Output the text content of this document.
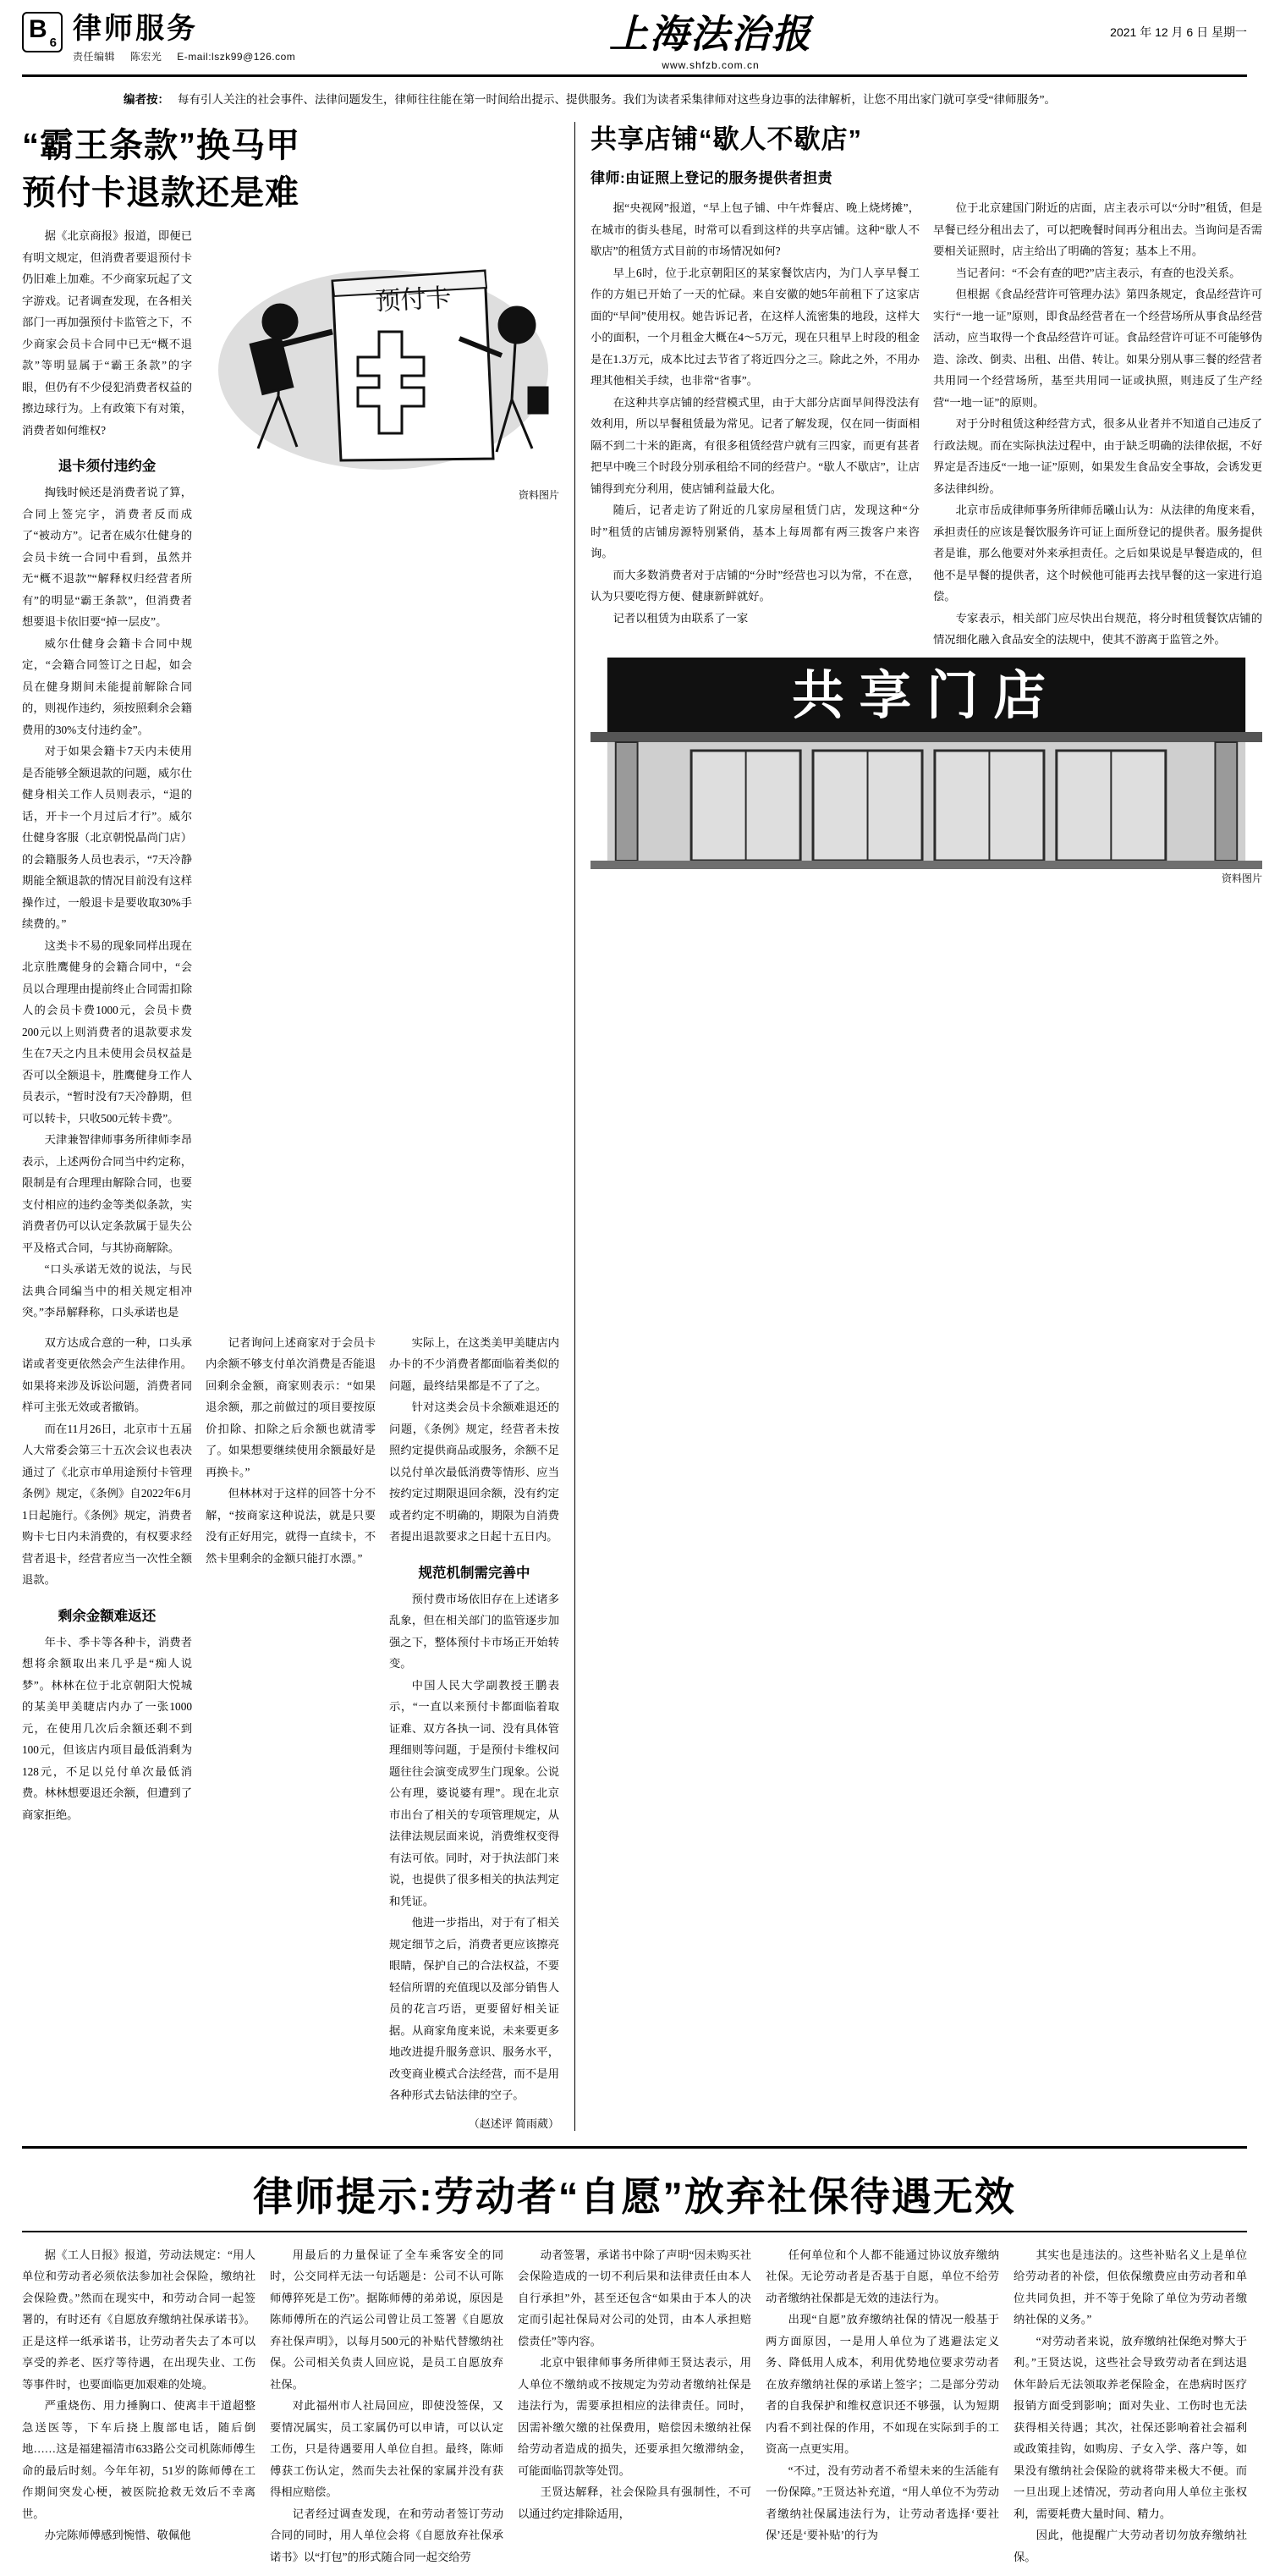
B 6 律师服务
责任编辑 陈宏光 E-mail:lszk99@126.com
上海法治报
www.shfzb.com.cn
2021 年 12 月 6 日 星期一
编者按： 每有引人关注的社会事件、法律问题发生，律师往往能在第一时间给出提示、提供服务。我们为读者采集律师对这些身边事的法律解析，让您不用出家门就可享受“律师服务”。
“霸王条款”换马甲
预付卡退款还是难

据《北京商报》报道，即便已有明文规定，但消费者要退预付卡仍旧难上加难。不少商家玩起了文字游戏。记者调查发现，在各相关部门一再加强预付卡监管之下，不少商家会员卡合同中已无“概不退款”等明显属于“霸王条款”的字眼，但仍有不少侵犯消费者权益的擦边球行为。上有政策下有对策，消费者如何维权?

退卡须付违约金

掏钱时候还是消费者说了算，合同上签完字，消费者反而成了“被动方”。记者在威尔仕健身的会员卡统一合同中看到，虽然并无“概不退款”“解释权归经营者所有”的明显“霸王条款”，但消费者想要退卡依旧要“掉一层皮”。

威尔仕健身会籍卡合同中规定，“会籍合同签订之日起，如会员在健身期间未能提前解除合同的，则视作违约，须按照剩余会籍费用的30%支付违约金”。

对于如果会籍卡7天内未使用是否能够全额退款的问题，威尔仕健身相关工作人员则表示，“退的话，开卡一个月过后才行”。威尔仕健身客服（北京朝悦晶尚门店）的会籍服务人员也表示，“7天冷静期能全额退款的情况目前没有这样操作过，一般退卡是要收取30%手续费的。”

这类卡不易的现象同样出现在北京胜鹰健身的会籍合同中，“会员以合理理由提前终止合同需扣除人的会员卡费1000元，会员卡费200元以上则消费者的退款要求发生在7天之内且未使用会员权益是否可以全额退卡，胜鹰健身工作人员表示，“暂时没有7天冷静期，但可以转卡，只收500元转卡费”。

天津兼智律师事务所律师李昂表示，上述两份合同当中约定称，限制是有合理理由解除合同，也要支付相应的违约金等类似条款，实消费者仍可以认定条款属于显失公平及格式合同，与其协商解除。

“口头承诺无效的说法，与民法典合同编当中的相关规定相冲突。”李昂解释称，口头承诺也是

预付卡
资料图片

双方达成合意的一种，口头承诺或者变更依然会产生法律作用。如果将来涉及诉讼问题，消费者同样可主张无效或者撤销。

而在11月26日，北京市十五届人大常委会第三十五次会议也表决通过了《北京市单用途预付卡管理条例》规定，《条例》自2022年6月1日起施行。《条例》规定，消费者购卡七日内未消费的，有权要求经营者退卡，经营者应当一次性全额退款。

剩余金额难返还

年卡、季卡等各种卡，消费者想将余额取出来几乎是“痴人说梦”。林林在位于北京朝阳大悦城的某美甲美睫店内办了一张1000元，在使用几次后余额还剩不到100元，但该店内项目最低消剩为128元，不足以兑付单次最低消费。林林想要退还余额，但遭到了商家拒绝。

记者询问上述商家对于会员卡内余额不够支付单次消费是否能退回剩余金额，商家则表示：“如果退余额，那之前做过的项目要按原价扣除、扣除之后余额也就清零了。如果想要继续使用余额最好是再换卡。”

但林林对于这样的回答十分不解，“按商家这种说法，就是只要没有正好用完，就得一直续卡，不然卡里剩余的金额只能打水漂。”

实际上，在这类美甲美睫店内办卡的不少消费者都面临着类似的问题，最终结果都是不了了之。

针对这类会员卡余额难退还的问题，《条例》规定，经营者未按照约定提供商品或服务，余额不足以兑付单次最低消费等情形、应当按约定过期限退回余额，没有约定或者约定不明确的，期限为自消费者提出退款要求之日起十五日内。

规范机制需完善中

预付费市场依旧存在上述诸多乱象，但在相关部门的监管逐步加强之下，整体预付卡市场正开始转变。

中国人民大学副教授王鹏表示，“一直以来预付卡都面临着取证难、双方各执一词、没有具体管理细则等问题，于是预付卡维权问题往往会演变成罗生门现象。公说公有理，婆说婆有理”。现在北京市出台了相关的专项管理规定，从法律法规层面来说，消费维权变得有法可依。同时，对于执法部门来说，也提供了很多相关的执法判定和凭证。

他进一步指出，对于有了相关规定细节之后，消费者更应该擦亮眼睛，保护自己的合法权益，不要轻信所谓的充值现以及部分销售人员的花言巧语，更要留好相关证据。从商家角度来说，未来要更多地改进提升服务意识、服务水平，改变商业模式合法经营，而不是用各种形式去钻法律的空子。

（赵述评 简雨葳）
共享店铺“歇人不歇店”
律师:由证照上登记的服务提供者担责

据“央视网”报道，“早上包子铺、中午炸餐店、晚上烧烤摊”，在城市的街头巷尾，时常可以看到这样的共享店铺。这种“歇人不歇店”的租赁方式目前的市场情况如何?

早上6时，位于北京朝阳区的某家餐饮店内，为门人享早餐工作的方姐已开始了一天的忙碌。来自安徽的她5年前租下了这家店面的“早间”使用权。她告诉记者，在这样人流密集的地段，这样大小的面积，一个月租金大概在4～5万元，现在只租早上时段的租金是在1.3万元，成本比过去节省了将近四分之三。除此之外，不用办理其他相关手续，也非常“省事”。

在这种共享店铺的经营模式里，由于大部分店面早间得没法有效利用，所以早餐租赁最为常见。记者了解发现，仅在同一街面相隔不到二十米的距离，有很多租赁经营户就有三四家，而更有甚者把早中晚三个时段分别承租给不同的经营户。“歇人不歇店”，让店铺得到充分利用，使店铺利益最大化。

随后，记者走访了附近的几家房屋租赁门店，发现这种“分时”租赁的店铺房源特别紧俏，基本上每周都有两三拨客户来咨询。

而大多数消费者对于店铺的“分时”经营也习以为常，不在意，认为只要吃得方便、健康新鲜就好。

记者以租赁为由联系了一家

位于北京建国门附近的店面，店主表示可以“分时”租赁，但是早餐已经分租出去了，可以把晚餐时间再分租出去。当询问是否需要相关证照时，店主给出了明确的答复；基本上不用。

当记者问：“不会有查的吧?”店主表示，有查的也没关系。

但根据《食品经营许可管理办法》第四条规定，食品经营许可实行“一地一证”原则，即食品经营者在一个经营场所从事食品经营活动，应当取得一个食品经营许可证。食品经营许可证不可能够伪造、涂改、倒卖、出租、出借、转让。如果分别从事三餐的经营者共用同一个经营场所，基至共用同一证或执照，则违反了生产经营“一地一证”的原则。

对于分时租赁这种经营方式，很多从业者并不知道自己违反了行政法规。而在实际执法过程中，由于缺乏明确的法律依据，不好界定是否违反“一地一证”原则，如果发生食品安全事故，会诱发更多法律纠纷。

北京市岳成律师事务所律师岳曦山认为：从法律的角度来看，承担责任的应该是餐饮服务许可证上面所登记的提供者。服务提供者是谁，那么他要对外来承担责任。之后如果说是早餐造成的，但他不是早餐的提供者，这个时候他可能再去找早餐的这一家进行追偿。

专家表示，相关部门应尽快出台规范，将分时租赁餐饮店铺的情况细化融入食品安全的法规中，使其不游离于监管之外。

共享门店
资料图片
律师提示:劳动者“自愿”放弃社保待遇无效

据《工人日报》报道，劳动法规定：“用人单位和劳动者必须依法参加社会保险，缴纳社会保险费。”然而在现实中，和劳动合同一起签署的，有时还有《自愿放弃缴纳社保承诺书》。正是这样一纸承诺书，让劳动者失去了本可以享受的养老、医疗等待遇，在出现失业、工伤等事件时，也要面临更加艰难的处境。

严重烧伤、用力捶胸口、使离丰干道超整急送医等，下车后挠上腹部电话，随后倒地……这是福建福清市633路公交司机陈师傅生命的最后时刻。今年年初，51岁的陈师傅在工作期间突发心梗，被医院抢救无效后不幸离世。

办完陈师傅感到惋惜、敬佩他

用最后的力量保证了全车乘客安全的同时，公交同样无法一句话题是：公司不认可陈师傅猝死是工伤”。据陈师傅的弟弟说，原因是陈师傅所在的汽运公司曾让员工签署《自愿放弃社保声明》，以每月500元的补贴代替缴纳社保。公司相关负责人回应说，是员工自愿放弃社保。

对此福州市人社局回应，即使没签保，又要情况属实，员工家属仍可以申请，可以认定工伤，只是待遇要用人单位自担。最终，陈师傅获工伤认定，然而失去社保的家属并没有获得相应赔偿。

记者经过调查发现，在和劳动者签订劳动合同的同时，用人单位会将《自愿放弃社保承诺书》以“打包”的形式随合同一起交给劳

动者签署，承诺书中除了声明“因未购买社会保险造成的一切不利后果和法律责任由本人自行承担”外，甚至还包含“如果由于本人的决定而引起社保局对公司的处罚，由本人承担赔偿责任”等内容。

北京中银律师事务所律师王贤达表示，用人单位不缴纳或不按规定为劳动者缴纳社保是违法行为，需要承担相应的法律责任。同时，因需补缴欠缴的社保费用，赔偿因未缴纳社保给劳动者造成的损失，还要承担欠缴滞纳金，可能面临罚款等处罚。

王贤达解释，社会保险具有强制性，不可以通过约定排除适用，

任何单位和个人都不能通过协议放弃缴纳社保。无论劳动者是否基于自愿，单位不给劳动者缴纳社保都是无效的违法行为。

出现“自愿”放弃缴纳社保的情况一般基于两方面原因，一是用人单位为了逃避法定义务、降低用人成本，利用优势地位要求劳动者在放弃缴纳社保的承诺上签字；二是部分劳动者的自我保护和维权意识还不够强，认为短期内看不到社保的作用，不如现在实际到手的工资高一点更实用。

“不过，没有劳动者不希望未来的生活能有一份保障。”王贤达补充道，“用人单位不为劳动者缴纳社保属违法行为，让劳动者选择‘要社保’还是‘要补贴’的行为

其实也是违法的。这些补贴名义上是单位给劳动者的补偿，但依保缴费应由劳动者和单位共同负担，并不等于免除了单位为劳动者缴纳社保的义务。”

“对劳动者来说，放弃缴纳社保绝对弊大于利。”王贤达说，这些社会导致劳动者在到达退休年龄后无法领取养老保险金，在患病时医疗报销方面受到影响；面对失业、工伤时也无法获得相关待遇；其次，社保还影响着社会福利或政策挂钩，如购房、子女入学、落户等，如果没有缴纳社会保险的就将带来极大不便。而一旦出现上述情况，劳动者向用人单位主张权利，需要耗费大量时间、精力。

因此，他提醒广大劳动者切勿放弃缴纳社保。
